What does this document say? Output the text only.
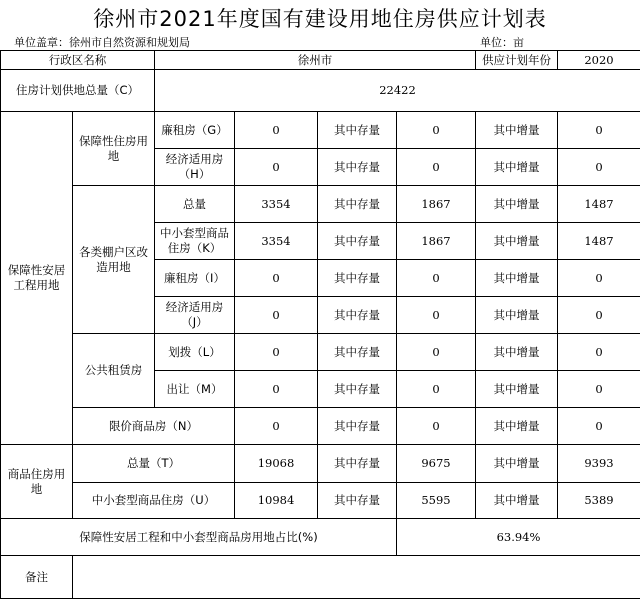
徐州市2021年度国有建设用地住房供应计划表
单位盖章：徐州市自然资源和规划局	单位：亩
行政区名称		徐州市				供应计划年份	2020
住房计划供地总量（C）		22422					
保障性安居工程用地	保障性住房用地	廉租房（G）	0	其中存量	0	其中增量	0
		经济适用房（H）	0	其中存量	0	其中增量	0
	各类棚户区改造用地	总量	3354	其中存量	1867	其中增量	1487
		中小套型商品住房（K）	3354	其中存量	1867	其中增量	1487
		廉租房（I）	0	其中存量	0	其中增量	0
		经济适用房（J）	0	其中存量	0	其中增量	0
	公共租赁房	划拨（L）	0	其中存量	0	其中增量	0
		出让（M）	0	其中存量	0	其中增量	0
	限价商品房（N）		0	其中存量	0	其中增量	0
商品住房用地	总量（T）		19068	其中存量	9675	其中增量	9393
	中小套型商品住房（U）		10984	其中存量	5595	其中增量	5389
保障性安居工程和中小套型商品房用地占比(%)					63.94%		
备注							
